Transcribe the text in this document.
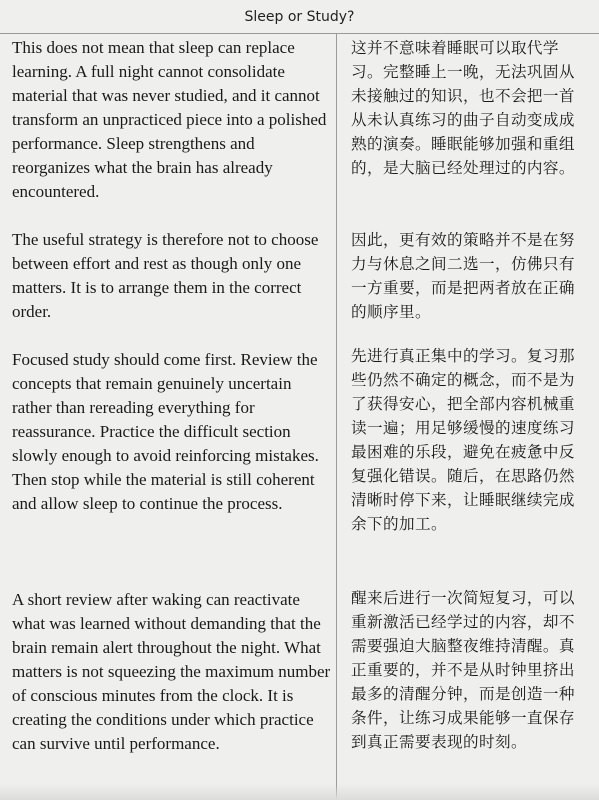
Sleep or Study?

This does not mean that sleep can replace learning. A full night cannot consolidate material that was never studied, and it cannot transform an unpracticed piece into a polished performance. Sleep strengthens and reorganizes what the brain has already encountered.

The useful strategy is therefore not to choose between effort and rest as though only one matters. It is to arrange them in the correct order.

Focused study should come first. Review the concepts that remain genuinely uncertain rather than rereading everything for reassurance. Practice the difficult section slowly enough to avoid reinforcing mistakes. Then stop while the material is still coherent and allow sleep to continue the process.

A short review after waking can reactivate what was learned without demanding that the brain remain alert throughout the night. What matters is not squeezing the maximum number of conscious minutes from the clock. It is creating the conditions under which practice can survive until performance.

这并不意味着睡眠可以取代学习。完整睡上一晚，无法巩固从未接触过的知识，也不会把一首从未认真练习的曲子自动变成成熟的演奏。睡眠能够加强和重组的，是大脑已经处理过的内容。

因此，更有效的策略并不是在努力与休息之间二选一，仿佛只有一方重要，而是把两者放在正确的顺序里。

先进行真正集中的学习。复习那些仍然不确定的概念，而不是为了获得安心，把全部内容机械重读一遍；用足够缓慢的速度练习最困难的乐段，避免在疲惫中反复强化错误。随后，在思路仍然清晰时停下来，让睡眠继续完成余下的加工。

醒来后进行一次简短复习，可以重新激活已经学过的内容，却不需要强迫大脑整夜维持清醒。真正重要的，并不是从时钟里挤出最多的清醒分钟，而是创造一种条件，让练习成果能够一直保存到真正需要表现的时刻。
